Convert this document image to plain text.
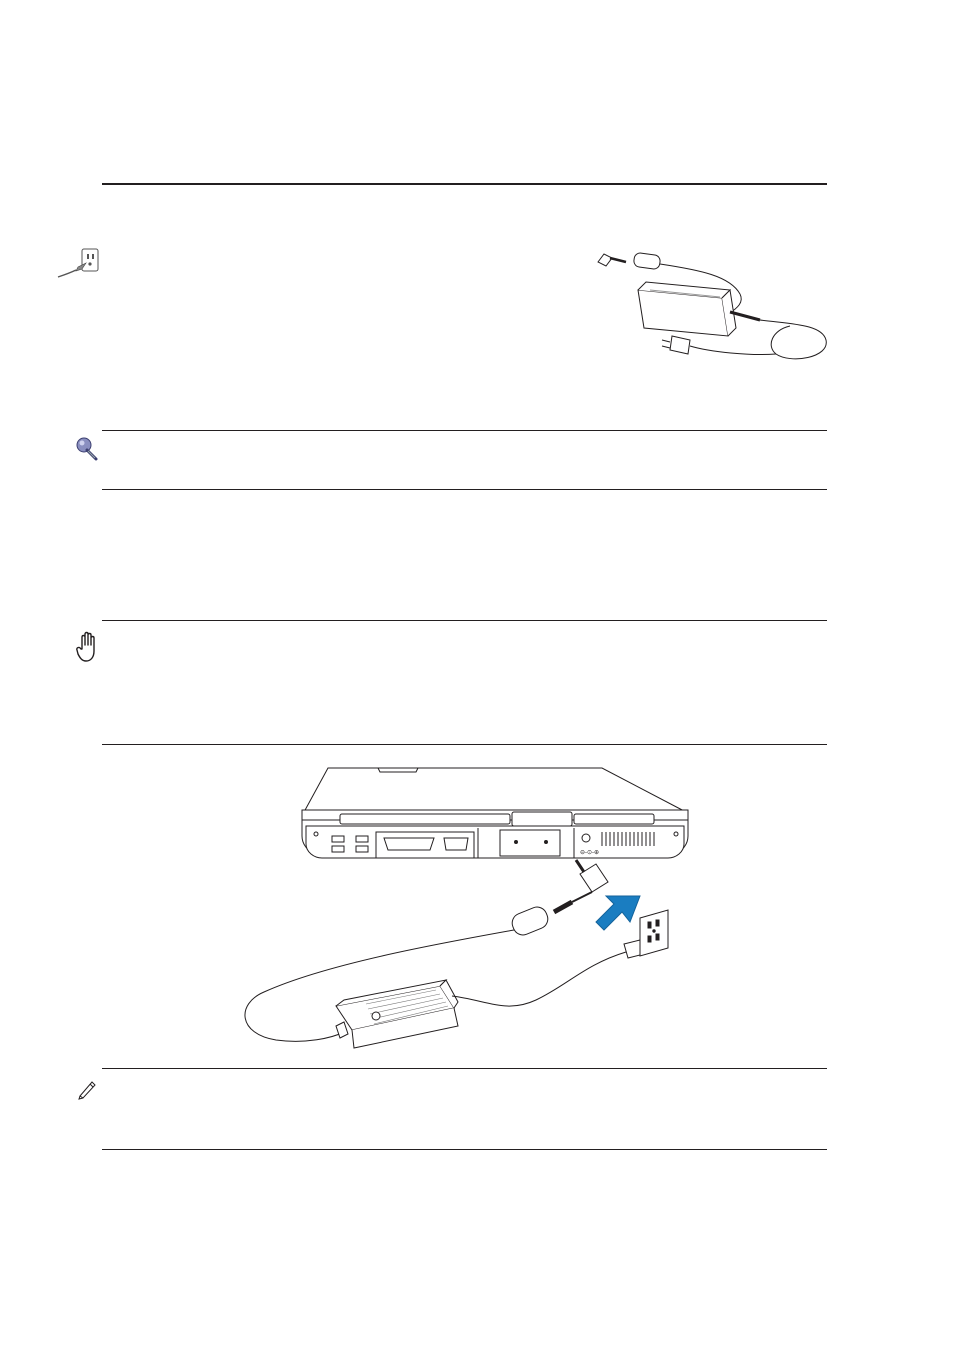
⊖-⊙-⊕
